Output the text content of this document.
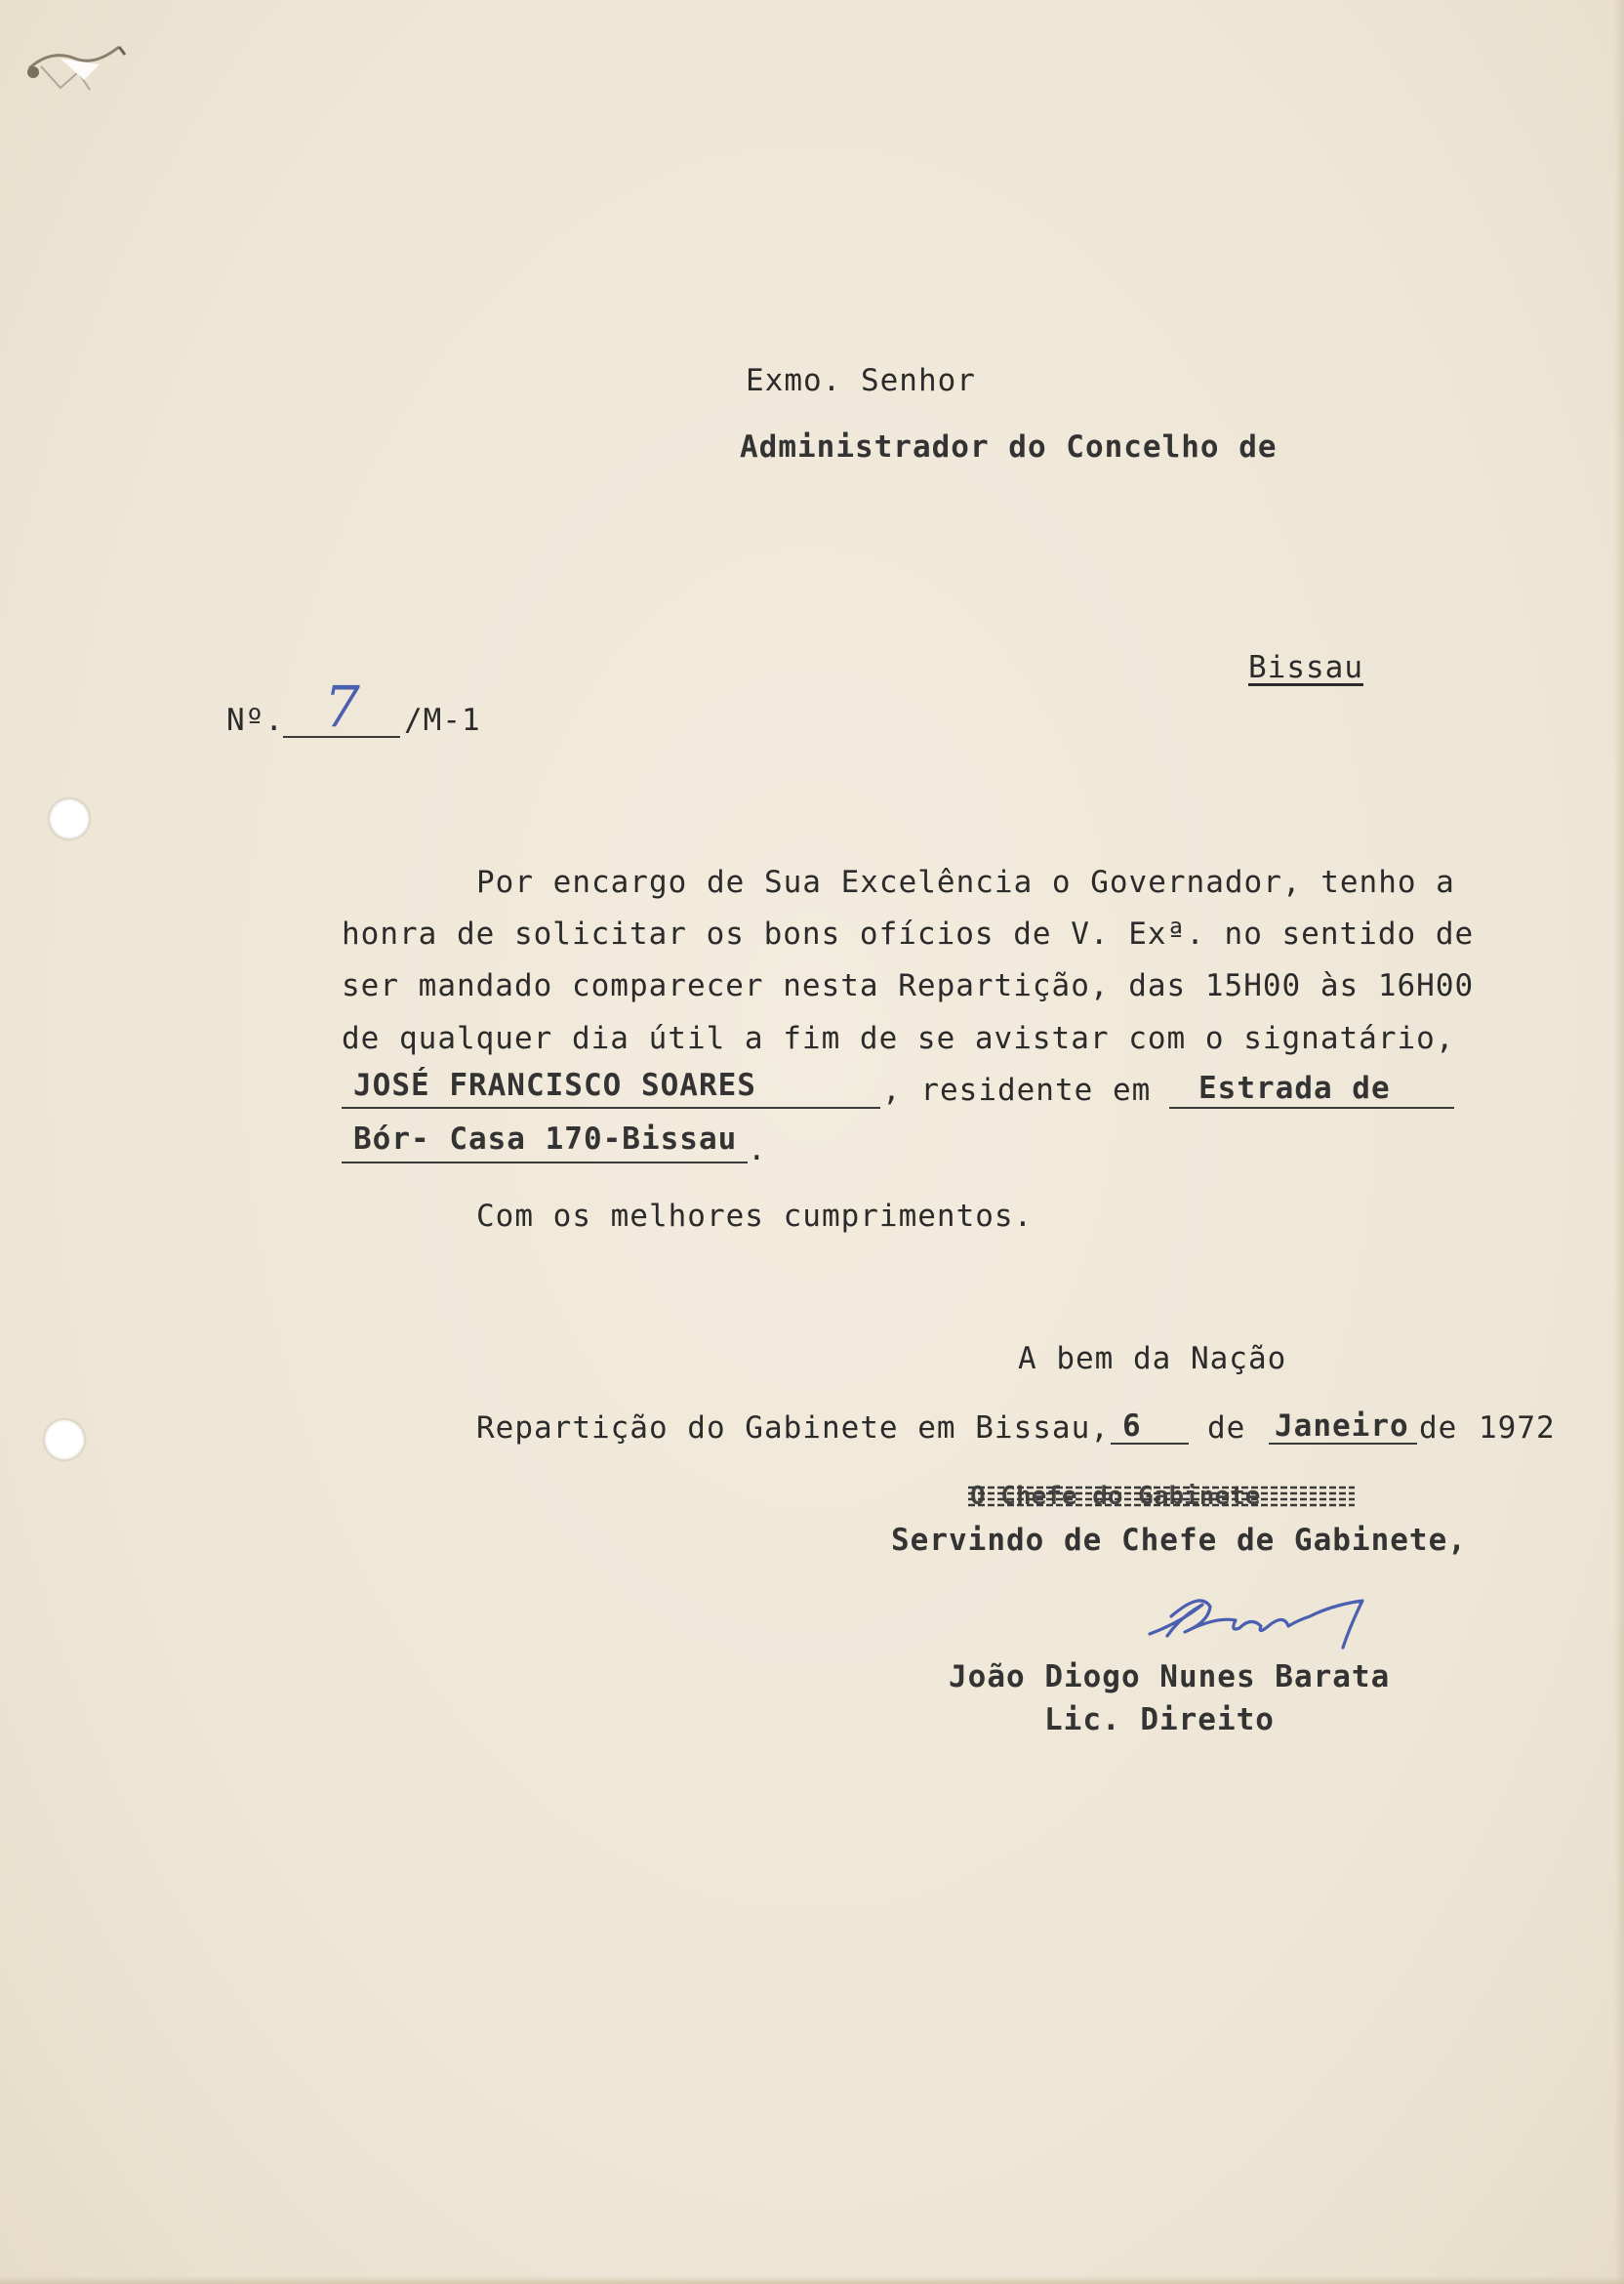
Exmo. Senhor
Administrador do Concelho de
Bissau
Nº. 7 /M-1
Por encargo de Sua Excelência o Governador, tenho a
honra de solicitar os bons ofícios de V. Exª. no sentido de
ser mandado comparecer nesta Repartição, das 15H00 às 16H00
de qualquer dia útil a fim de se avistar com o signatário,
JOSÉ FRANCISCO SOARES	, residente em Estrada de
Bór- Casa 170-Bissau .
Com os melhores cumprimentos.
A bem da Nação
Repartição do Gabinete em Bissau, 6 de Janeiro de 1972
O Chefe do Gabinete
Servindo de Chefe de Gabinete,
João Diogo Nunes Barata
Lic. Direito
